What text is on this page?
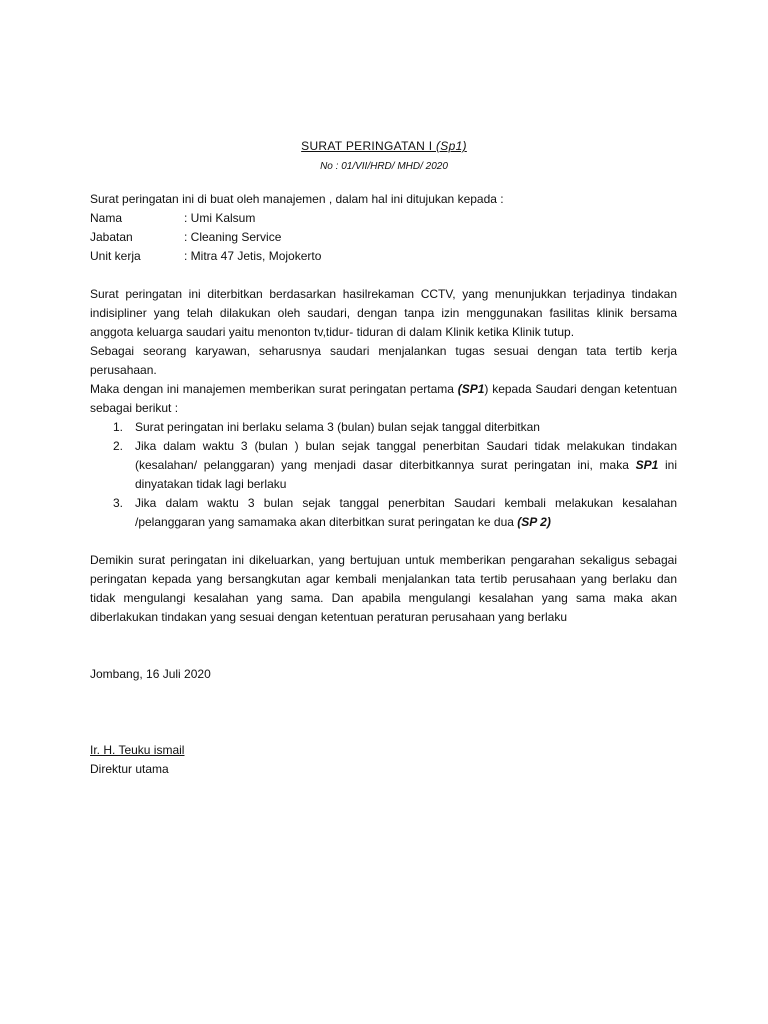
SURAT PERINGATAN I (Sp1)
No : 01/VII/HRD/ MHD/ 2020

Surat peringatan ini di buat oleh manajemen , dalam hal ini ditujukan kepada :

Nama	: Umi Kalsum
Jabatan	: Cleaning Service
Unit kerja	: Mitra 47 Jetis, Mojokerto

Surat peringatan ini diterbitkan berdasarkan hasilrekaman CCTV, yang menunjukkan terjadinya tindakan indisipliner yang telah dilakukan oleh saudari, dengan tanpa izin menggunakan fasilitas klinik bersama anggota keluarga saudari yaitu menonton tv,tidur- tiduran di dalam Klinik ketika Klinik tutup.

Sebagai seorang karyawan, seharusnya saudari menjalankan tugas sesuai dengan tata tertib kerja perusahaan.

Maka dengan ini manajemen memberikan surat peringatan pertama (SP1) kepada Saudari dengan ketentuan sebagai berikut :

1.	Surat peringatan ini berlaku selama 3 (bulan) bulan sejak tanggal diterbitkan
2.	Jika dalam waktu 3 (bulan ) bulan sejak tanggal penerbitan Saudari tidak melakukan tindakan (kesalahan/ pelanggaran) yang menjadi dasar diterbitkannya surat peringatan ini, maka SP1 ini dinyatakan tidak lagi berlaku
3.	Jika dalam waktu 3 bulan sejak tanggal penerbitan Saudari kembali melakukan kesalahan /pelanggaran yang samamaka akan diterbitkan surat peringatan ke dua (SP 2)

Demikin surat peringatan ini dikeluarkan, yang bertujuan untuk memberikan pengarahan sekaligus sebagai peringatan kepada yang bersangkutan agar kembali menjalankan tata tertib perusahaan yang berlaku dan tidak mengulangi kesalahan yang sama. Dan apabila mengulangi kesalahan yang sama maka akan diberlakukan tindakan yang sesuai dengan ketentuan peraturan perusahaan yang berlaku

Jombang, 16 Juli 2020

Ir. H. Teuku ismail

Direktur utama
